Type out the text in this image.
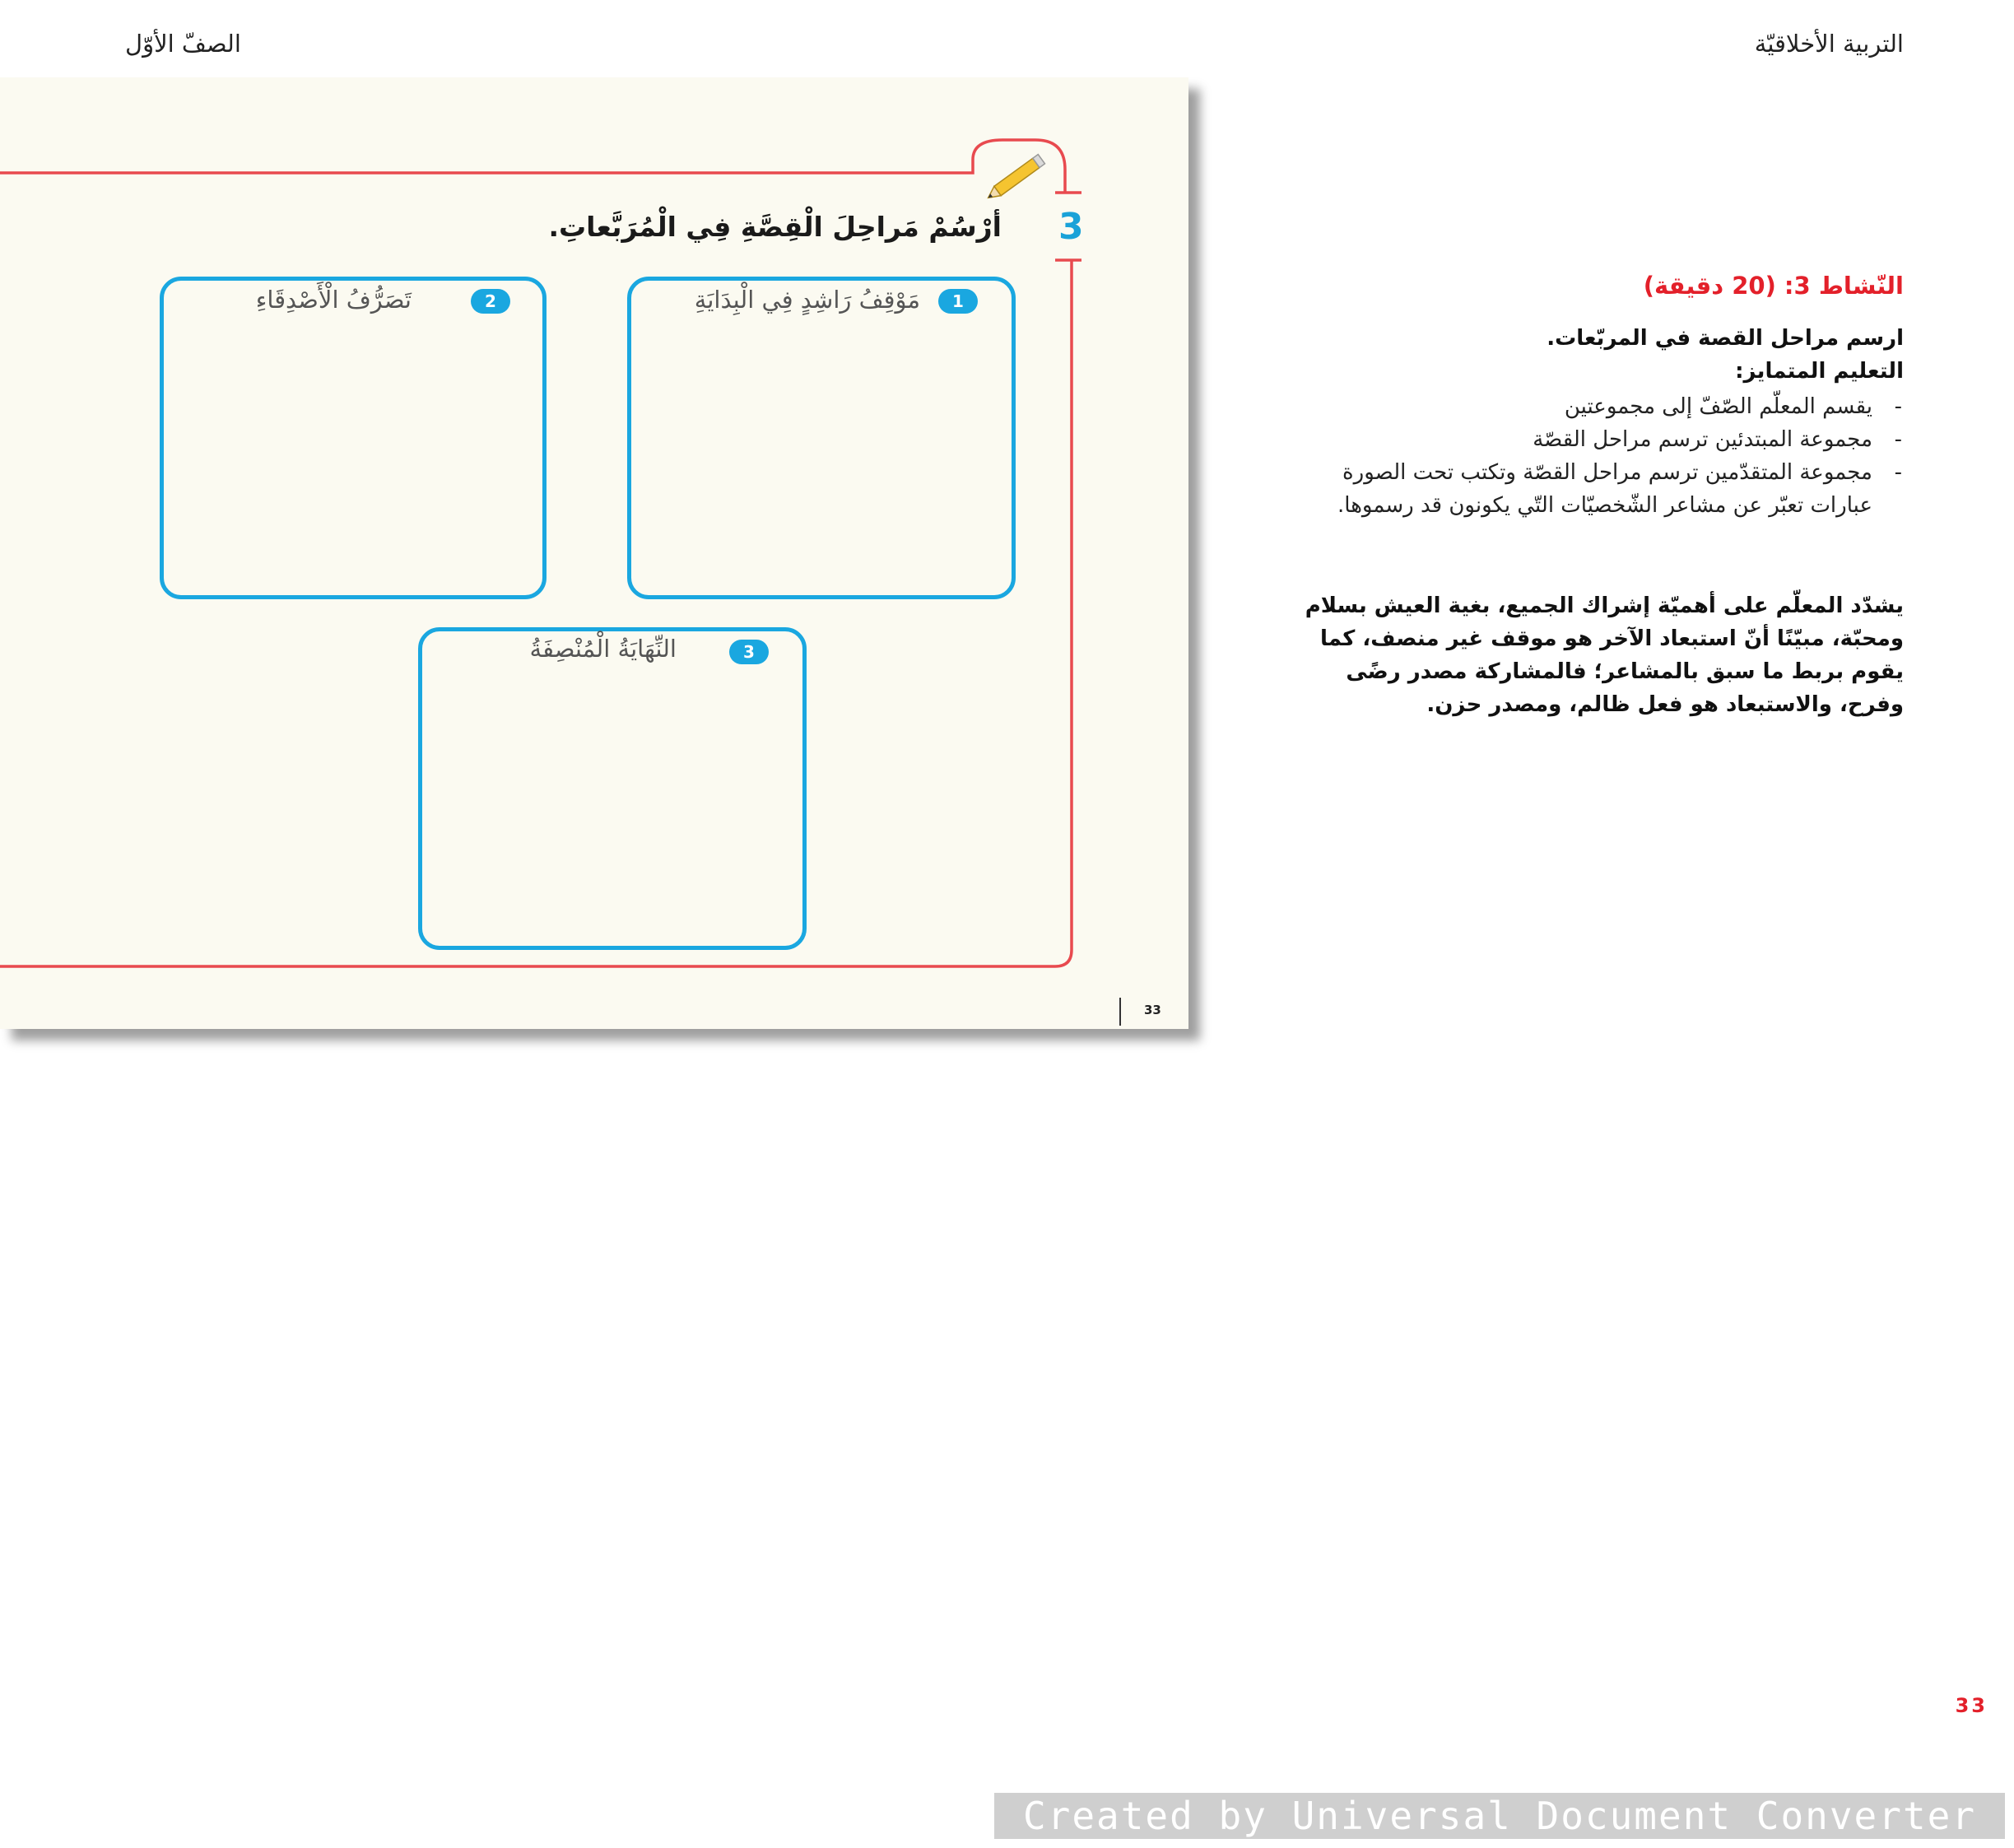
التربية الأخلاقيّة
الصفّ الأوّل
3
أرْسُمْ مَراحِلَ الْقِصَّةِ فِي الْمُرَبَّعاتِ.
1
مَوْقِفُ رَاشِدٍ فِي الْبِدَايَةِ
2
تَصَرُّفُ الْأَصْدِقَاءِ
3
النِّهَايَةُ الْمُنْصِفَةُ
33
النّشاط 3: (20 دقيقة)
ارسم مراحل القصة في المربّعات.
التعليم المتمايز:
-
يقسم المعلّم الصّفّ إلى مجموعتين
-
مجموعة المبتدئين ترسم مراحل القصّة
-
مجموعة المتقدّمين ترسم مراحل القصّة وتكتب تحت الصورة عبارات تعبّر عن مشاعر الشّخصيّات التّي يكونون قد رسموها.
يشدّد المعلّم على أهميّة إشراك الجميع، بغية العيش بسلام ومحبّة، مبيّنًا أنّ استبعاد الآخر هو موقف غير منصف، كما يقوم بربط ما سبق بالمشاعر؛ فالمشاركة مصدر رضًى وفرح، والاستبعاد هو فعل ظالم، ومصدر حزن.
33
Created by Universal Document Converter
